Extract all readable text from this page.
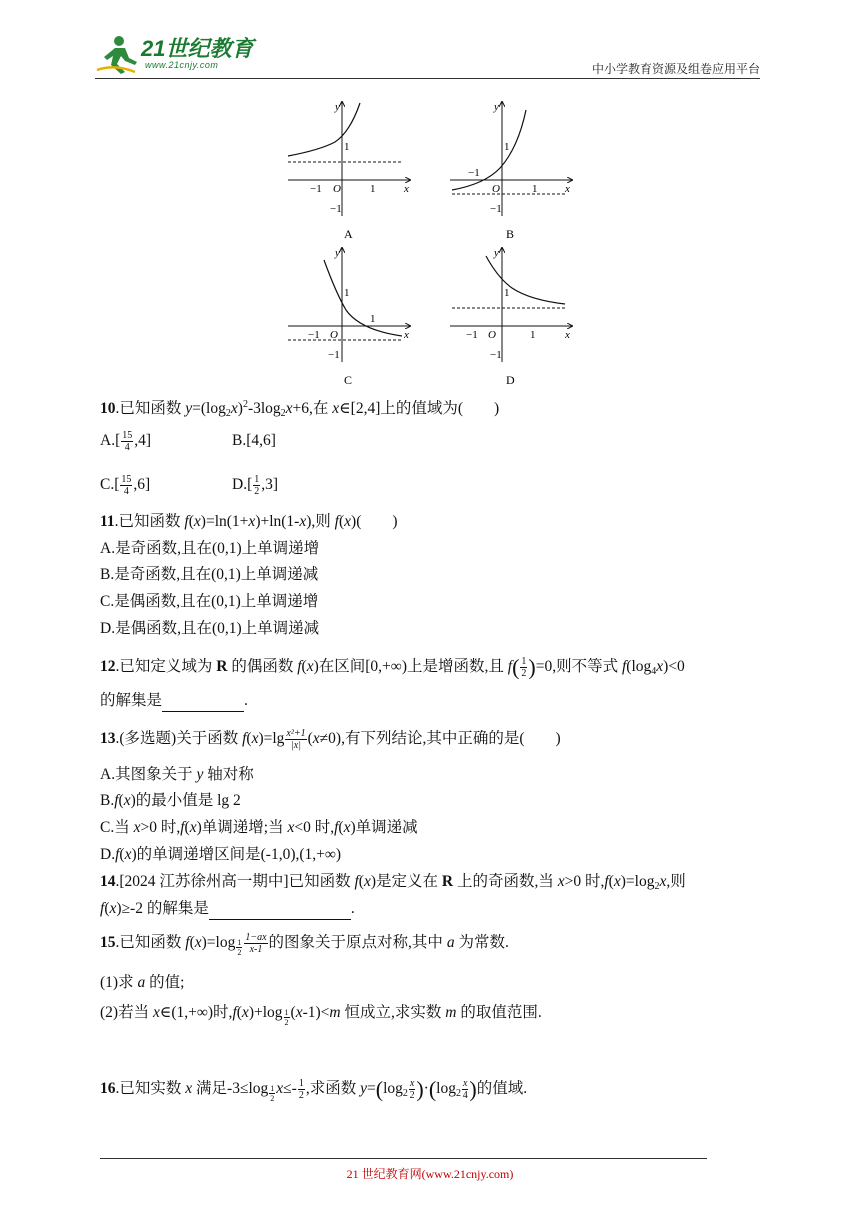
21世纪教育
www.21cnjy.com	中小学教育资源及组卷应用平台
y
x
O
1
1
−1
−1
A
y
x
O
1
1
−1
−1
B
y
x
O
1
1
−1
−1
C
y
x
O
1
1
−1
−1
D
10.已知函数 $y=(\log_2x)^2-3\log_2x+6$,在 x∈[2,4]上的值域为(　　)
$A.[ \frac{15}{4} ,4]$	B.[4,6]
$C.[ \frac{15}{4} ,6]$	$D.[ \frac{1}{2} ,3]$
11.已知函数 f(x)=ln(1+x)+ln(1-x),则 f(x)(　　)
A.是奇函数,且在(0,1)上单调递增
B.是奇函数,且在(0,1)上单调递减
C.是偶函数,且在(0,1)上单调递增
D.是偶函数,且在(0,1)上单调递减
12.已知定义域为 R 的偶函数 f(x)在区间[0,+∞)上是增函数,且 $f( \frac{1}{2} )=0$,则不等式 $f(\log_4x)<0$
的解集是	.
13.(多选题)关于函数 $f(x)=\lg \frac{\text{x²+1}}{|x|} (x\ne 0)$,有下列结论,其中正确的是(　　)
A.其图象关于 y 轴对称
B.f(x)的最小值是 lg 2
C.当 x>0 时,f(x)单调递增;当 x<0 时,f(x)单调递减
D.f(x)的单调递增区间是(-1,0),(1,+∞)
14.[2024 江苏徐州高一期中]已知函数 f(x)是定义在 R 上的奇函数,当 x>0 时$,f(x)=\log_2x$,则
f(x)≥-2 的解集是	.
15.已知函数 $f(x)=\log \frac{1}{2} \frac{1-ax}{x-1}$ 的图象关于原点对称,其中 a 为常数.
(1)求 a 的值;
(2)若当 x∈(1,+∞)时$,f(x)+\log \frac{1}{2} (x-1)<m$ 恒成立,求实数 m 的取值范围.
16.已知实数 x 满足$-3\le\log \frac{1}{2} x\le- \frac{1}{2}$ ,求函数 $y=(\log_2 \frac{x}{2} )\cdot(\log_2 \frac{x}{4}$ )的值域.
21 世纪教育网(www.21cnjy.com)
